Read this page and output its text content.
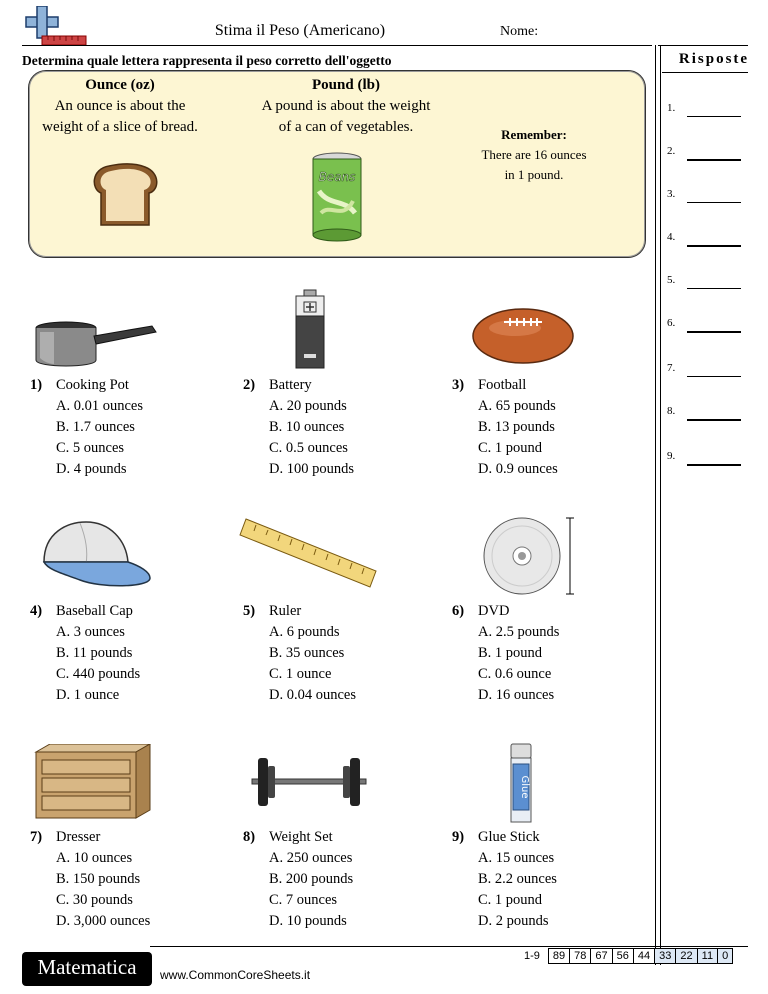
Stima il Peso (Americano)	Nome:
Determina quale lettera rappresenta il peso corretto dell'oggetto	Risposte
Ounce (oz)
An ounce is about the
weight of a slice of bread.
Pound (lb)
A pound is about the weight
of a can of vegetables.
Beans
Remember:
There are 16 ounces
in 1 pound.
1.
2.
3.
4.
5.
6.
7.
8.
9.
Glue
1) Cooking Pot
A. 0.01 ounces
B. 1.7 ounces
C. 5 ounces
D. 4 pounds
2) Battery
A. 20 pounds
B. 10 ounces
C. 0.5 ounces
D. 100 pounds
3) Football
A. 65 pounds
B. 13 pounds
C. 1 pound
D. 0.9 ounces
4) Baseball Cap
A. 3 ounces
B. 11 pounds
C. 440 pounds
D. 1 ounce
5) Ruler
A. 6 pounds
B. 35 ounces
C. 1 ounce
D. 0.04 ounces
6) DVD
A. 2.5 pounds
B. 1 pound
C. 0.6 ounce
D. 16 ounces
7) Dresser
A. 10 ounces
B. 150 pounds
C. 30 pounds
D. 3,000 ounces
8) Weight Set
A. 250 ounces
B. 200 pounds
C. 7 ounces
D. 10 pounds
9) Glue Stick
A. 15 ounces
B. 2.2 ounces
C. 1 pound
D. 2 pounds
Matematica	www.CommonCoreSheets.it
1-9	89	78	67	56	44	33	22	11	0
